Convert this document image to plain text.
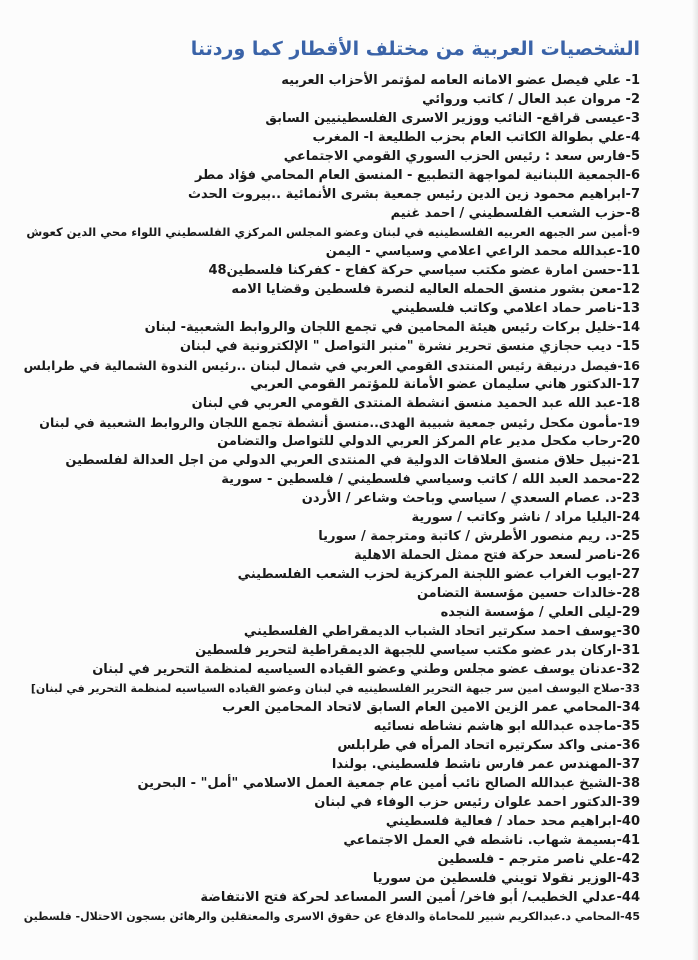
الشخصيات العربية من مختلف الأقطار كما وردتنا
1- علي فيصل عضو الامانه العامه لمؤتمر الأحزاب العربيه
2- مروان عبد العال / كاتب وروائي
3-عيسى قراقع- النائب ووزير الاسرى الفلسطينيين السابق
4-علي بطوالة الكاتب العام بحزب الطليعة ا- المغرب
5-فارس سعد : رئيس الحزب السوري القومي الاجتماعي
6-الجمعية اللبنانية لمواجهة التطبيع - المنسق العام المحامي فؤاد مطر
7-ابراهيم محمود زين الدين رئيس جمعية بشرى الأنمائية ..بيروت الحدث
8-حزب الشعب الفلسطيني / احمد غنيم
9-أمين سر الجبهه العربيه الفلسطينيه في لبنان وعضو المجلس المركزي الفلسطيني اللواء محي الدين كعوش
10-عبدالله محمد الراعي اعلامي وسياسي - اليمن
11-حسن امارة عضو مكتب سياسي حركة كفاح - كفركنا فلسطين48
12-معن بشور منسق الحمله العاليه لنصرة فلسطين وقضايا الامه
13-ناصر حماد اعلامي وكاتب فلسطيني
14-خليل بركات رئيس هيئة المحامين في تجمع اللجان والروابط الشعبية- لبنان
15- ديب حجازي منسق تحرير نشرة "منبر التواصل " الإلكترونية في لبنان
16-فيصل درنيقة رئيس المنتدى القومي العربي في شمال لبنان ..رئيس الندوة الشمالية في طرابلس
17-الدكتور هاني سليمان عضو الأمانة للمؤتمر القومي العربي
18-عبد الله عبد الحميد منسق انشطة المنتدى القومي العربي في لبنان
19-مأمون مكحل رئيس جمعية شبيبة الهدى..منسق أنشطة تجمع اللجان والروابط الشعبية في لبنان
20-رحاب مكحل مدير عام المركز العربي الدولي للتواصل والتضامن
21-نبيل حلاق منسق العلاقات الدولية في المنتدى العربي الدولي من اجل العدالة لفلسطين
22-محمد العبد الله / كاتب وسياسي فلسطيني / فلسطين - سورية
23-د. عصام السعدي / سياسي وباحث وشاعر / الأردن
24-اليليا مراد / ناشر وكاتب / سورية
25-د. ريم منصور الأطرش / كاتبة ومترجمة / سوريا
26-ناصر لسعد حركة فتح ممثل الحملة الاهلية
27-ايوب الغراب عضو اللجنة المركزية لحزب الشعب الفلسطيني
28-خالدات حسين مؤسسة التضامن
29-ليلى العلي / مؤسسة النجده
30-يوسف احمد سكرتير اتحاد الشباب الديمقراطي الفلسطيني
31-اركان بدر عضو مكتب سياسي للجبهة الديمقراطية لتحرير فلسطين
32-عدنان يوسف عضو مجلس وطني وعضو القياده السياسيه لمنظمة التحرير في لبنان
33-صلاح اليوسف امين سر جبهة التحرير الفلسطينيه في لبنان وعضو القياده السياسيه لمنظمة التحرير في لبنان]
34-المحامي عمر الزين الامين العام السابق لاتحاد المحامين العرب
35-ماجده عبدالله ابو هاشم نشاطه نسائيه
36-منى واكد سكرتيره اتحاد المرأه في طرابلس
37-المهندس عمر فارس ناشط فلسطيني. بولندا
38-الشيخ عبدالله الصالح نائب أمين عام جمعية العمل الاسلامي "أمل" - البحرين
39-الدكتور احمد علوان رئيس حزب الوفاء في لبنان
40-ابراهيم محد حماد / فعالية فلسطيني
41-بسيمة شهاب. ناشطه في العمل الاجتماعي
42-علي ناصر مترجم - فلسطين
43-الوزير نقولا تويني فلسطين من سوريا
44-عدلي الخطيب/ أبو فاخر/ أمين السر المساعد لحركة فتح الانتفاضة
45-المحامي د.عبدالكريم شبير للمحاماة والدفاع عن حقوق الاسرى والمعتقلين والرهائن بسجون الاحتلال- فلسطين
